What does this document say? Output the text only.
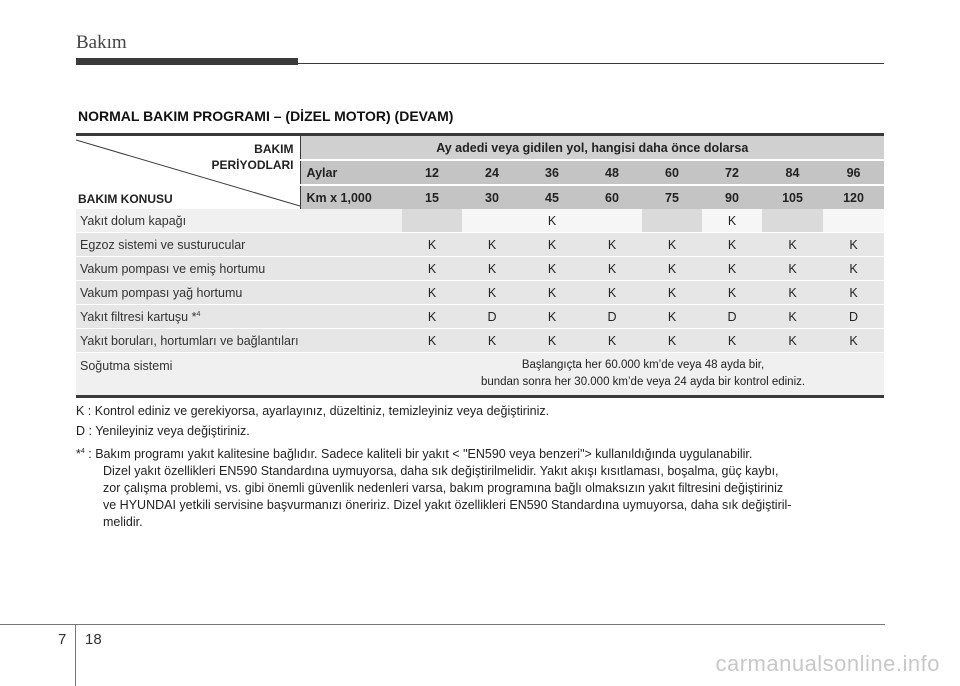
Bakım
NORMAL BAKIM PROGRAMI – (DİZEL MOTOR) (DEVAM)
BAKIM
PERİYODLARI
BAKIM KONUSU	Ay adedi veya gidilen yol, hangisi daha önce dolarsa								
	Aylar	12	24	36	48	60	72	84	96
	Km x 1,000	15	30	45	60	75	90	105	120
Yakıt dolum kapağı				K			K		
Egzoz sistemi ve susturucular		K	K	K	K	K	K	K	K
Vakum pompası ve emiş hortumu		K	K	K	K	K	K	K	K
Vakum pompası yağ hortumu		K	K	K	K	K	K	K	K
Yakıt filtresi kartuşu *$^4$		K	D	K	D	K	D	K	D
Yakıt boruları, hortumları ve bağlantıları		K	K	K	K	K	K	K	K
Soğutma sistemi		Başlangıçta her 60.000 km’de veya 48 ayda bir,
bundan sonra her 30.000 km’de veya 24 ayda bir kontrol ediniz.							
K : Kontrol ediniz ve gerekiyorsa, ayarlayınız, düzeltiniz, temizleyiniz veya değiştiriniz.
D : Yenileyiniz veya değiştiriniz.
*$^4$ : Bakım programı yakıt kalitesine bağlıdır. Sadece kaliteli bir yakıt < "EN590 veya benzeri"> kullanıldığında uygulanabilir.
Dizel yakıt özellikleri EN590 Standardına uymuyorsa, daha sık değiştirilmelidir. Yakıt akışı kısıtlaması, boşalma, güç kaybı,
zor çalışma problemi, vs. gibi önemli güvenlik nedenleri varsa, bakım programına bağlı olmaksızın yakıt filtresini değiştiriniz
ve HYUNDAI yetkili servisine başvurmanızı öneririz. Dizel yakıt özellikleri EN590 Standardına uymuyorsa, daha sık değiştiril-
melidir.
7 18
carmanualsonline.info
